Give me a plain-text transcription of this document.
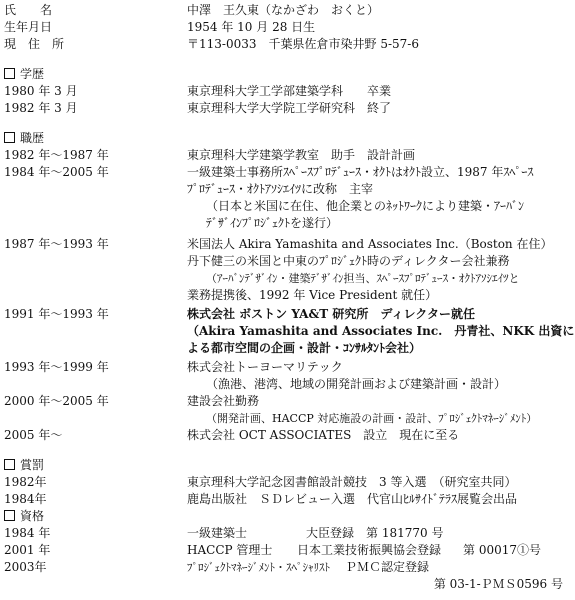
氏　　名	中澤　王久東（なかざわ　おくと）
生年月日	1954 年 10 月 28 日生
現　住　所	〒113-0033　千葉県佐倉市染井野 5-57-6
学歴
1980 年 3 月	東京理科大学工学部建築学科　　卒業
1982 年 3 月	東京理科大学大学院工学研究科　終了
職歴
1982 年～1987 年	東京理科大学建築学教室　助手　設計計画
1984 年～2005 年	一級建築士事務所ｽﾍﾟｰｽﾌﾟﾛﾃﾞｭｰｽ・ｵｸﾄはｵｸﾄ設立、1987 年ｽﾍﾟｰｽ
ﾌﾟﾛﾃﾞｭｰｽ・ｵｸﾄｱｿｼｴｲﾂに改称　主宰
（日本と米国に在住、他企業とのﾈｯﾄﾜｰｸにより建築・ｱｰﾊﾞﾝ
ﾃﾞｻﾞｲﾝﾌﾟﾛｼﾞｪｸﾄを遂行）
1987 年～1993 年	米国法人 Akira Yamashita and Associates Inc.（Boston 在住）
丹下健三の米国と中東のﾌﾟﾛｼﾞｪｸﾄ時のディレクター会社兼務
（ｱｰﾊﾞﾝﾃﾞｻﾞｲﾝ・建築ﾃﾞｻﾞｲﾝ担当、ｽﾍﾟｰｽﾌﾟﾛﾃﾞｭｰｽ・ｵｸﾄｱｿｼｴｲﾂと
業務提携後、1992 年 Vice President 就任）
1991 年～1993 年	株式会社 ボストン YA&T 研究所　ディレクター就任
（Akira Yamashita and Associates Inc.　丹青社、NKK 出資に
よる都市空間の企画・設計・ｺﾝｻﾙﾀﾝﾄ会社）
1993 年～1999 年	株式会社トーヨーマリテック
（漁港、港湾、地域の開発計画および建築計画・設計）
2000 年～2005 年	建設会社勤務
（開発計画、HACCP 対応施設の計画・設計、ﾌﾟﾛｼﾞｪｸﾄﾏﾈｰｼﾞﾒﾝﾄ）
2005 年～	株式会社 OCT ASSOCIATES　設立　現在に至る
賞罰
1982年	東京理科大学記念図書館設計競技　3 等入選　（研究室共同）
1984年	鹿島出版社　ＳＤレビュー入選　代官山ﾋﾙｻｲﾄﾞﾃﾗｽ展覧会出品
資格
1984 年	一級建築士	大臣登録　第 181770 号
2001 年	HACCP 管理士 日本工業技術振興協会登録 第 00017①号
2003年	ﾌﾟﾛｼﾞｪｸﾄﾏﾈｰｼﾞﾒﾝﾄ・ｽﾍﾟｼｬﾘｽﾄ ＰＭＣ認定登録
第 03-1-ＰＭＳ0596 号
